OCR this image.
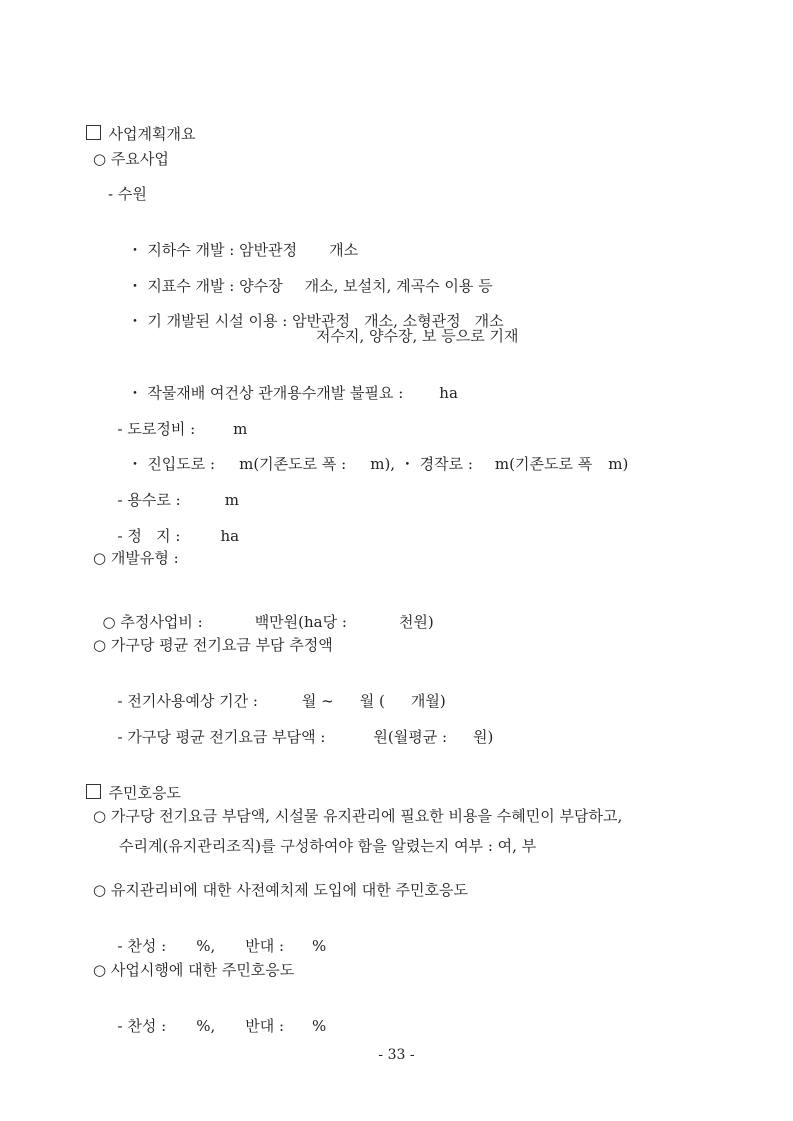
사업계획개요

○ 주요사업
- 수원

・ 지하수 개발 : 암반관정 개소

・ 지표수 개발 : 양수장 개소, 보설치, 계곡수 이용 등

・ 기 개발된 시설 이용 : 암반관정 개소, 소형관정 개소

저수지, 양수장, 보 등으로 기재

・ 작물재배 여건상 관개용수개발 불필요 : ha

- 도로정비 :	m

・ 진입도로 : m(기존도로 폭 : m), ・ 경작로 : m(기존도로 폭 m)

- 용수로 :	m

- 정   지 :	ha

○ 개발유형 :

○ 추정사업비 :	백만원(ha당 :	천원)

○ 가구당 평균 전기요금 부담 추정액

- 전기사용예상 기간 :	월 ~ 월 ( 개월)

- 가구당 평균 전기요금 부담액 :	원(월평균 : 원)

주민호응도

○ 가구당 전기요금 부담액, 시설물 유지관리에 필요한 비용을 수혜민이 부담하고,
수리계(유지관리조직)를 구성하여야 함을 알렸는지 여부 : 여, 부
○ 유지관리비에 대한 사전예치제 도입에 대한 주민호응도

- 찬성 : %, 반대 : %

○ 사업시행에 대한 주민호응도

- 찬성 : %, 반대 : %

- 33 -
